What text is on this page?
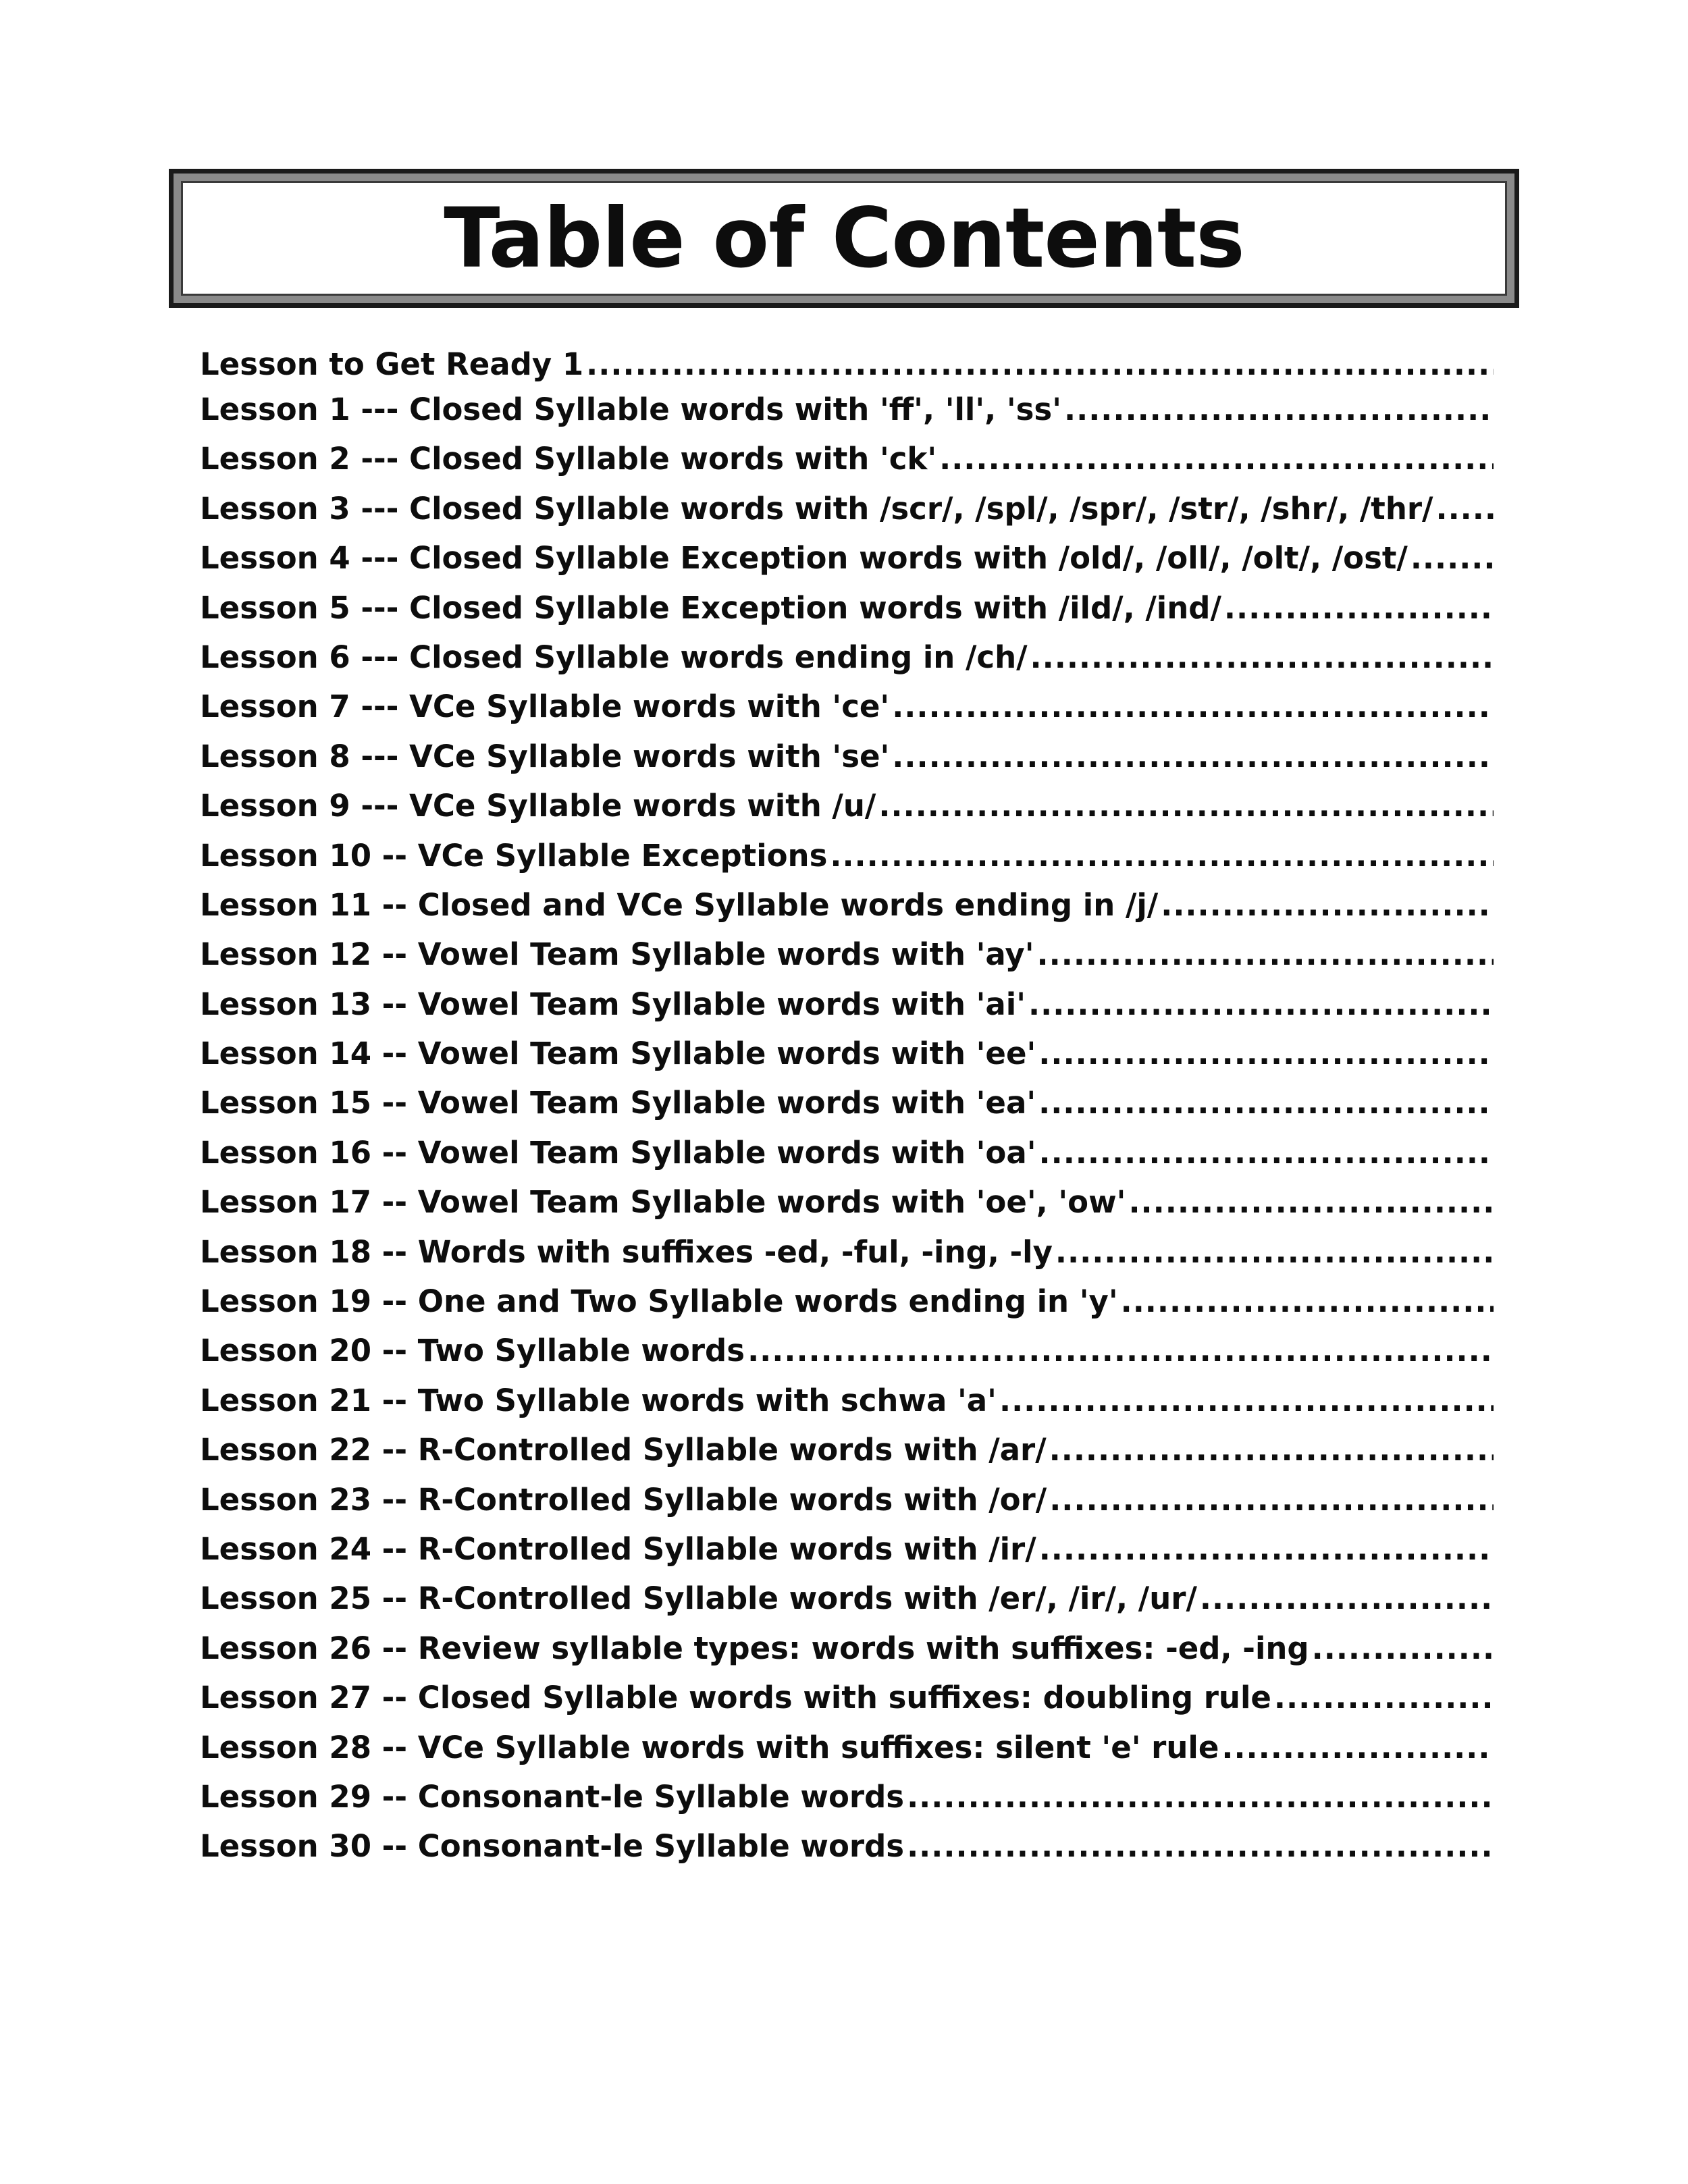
Table of Contents
Lesson to Get Ready 1
.....
Lesson 1 --- Closed Syllable words with 'ff', 'll', 'ss'
.....
Lesson 2 --- Closed Syllable words with 'ck'
.....
Lesson 3 --- Closed Syllable words with /scr/, /spl/, /spr/, /str/, /shr/, /thr/
.....
Lesson 4 --- Closed Syllable Exception words with /old/, /oll/, /olt/, /ost/
.....
Lesson 5 --- Closed Syllable Exception words with /ild/, /ind/
.....
Lesson 6 --- Closed Syllable words ending in /ch/
.....
Lesson 7 --- VCe Syllable words with 'ce'
.....
Lesson 8 --- VCe Syllable words with 'se'
.....
Lesson 9 --- VCe Syllable words with /u/
.....
Lesson 10 -- VCe Syllable Exceptions
.....
Lesson 11 -- Closed and VCe Syllable words ending in /j/
.....
Lesson 12 -- Vowel Team Syllable words with 'ay'
.....
Lesson 13 -- Vowel Team Syllable words with 'ai'
.....
Lesson 14 -- Vowel Team Syllable words with 'ee'
.....
Lesson 15 -- Vowel Team Syllable words with 'ea'
.....
Lesson 16 -- Vowel Team Syllable words with 'oa'
.....
Lesson 17 -- Vowel Team Syllable words with 'oe', 'ow'
.....
Lesson 18 -- Words with suffixes -ed, -ful, -ing, -ly
.....
Lesson 19 -- One and Two Syllable words ending in 'y'
.....
Lesson 20 -- Two Syllable words
.....
Lesson 21 -- Two Syllable words with schwa 'a'
.....
Lesson 22 -- R-Controlled Syllable words with /ar/
.....
Lesson 23 -- R-Controlled Syllable words with /or/
.....
Lesson 24 -- R-Controlled Syllable words with /ir/
.....
Lesson 25 -- R-Controlled Syllable words with /er/, /ir/, /ur/
.....
Lesson 26 -- Review syllable types: words with suffixes: -ed, -ing
.....
Lesson 27 -- Closed Syllable words with suffixes: doubling rule
.....
Lesson 28 -- VCe Syllable words with suffixes: silent 'e' rule
.....
Lesson 29 -- Consonant-le Syllable words
.....
Lesson 30 -- Consonant-le Syllable words
.....
